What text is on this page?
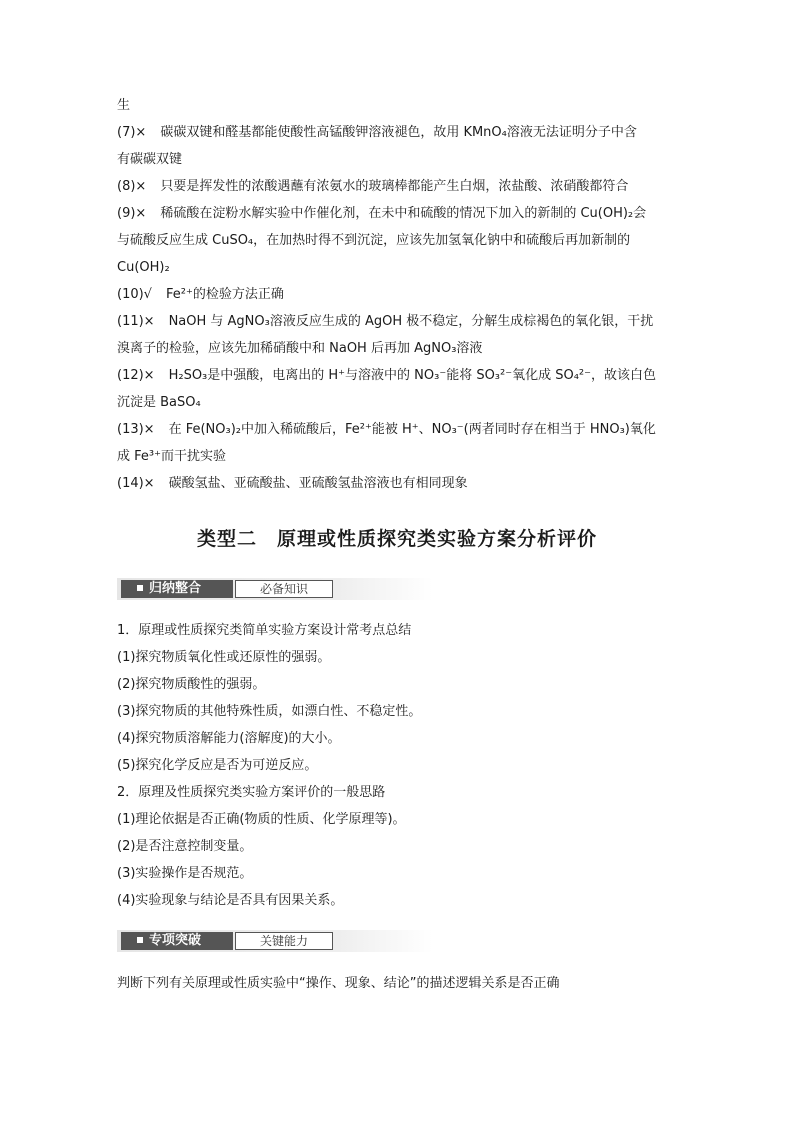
生
(7)× 碳碳双键和醛基都能使酸性高锰酸钾溶液褪色，故用 KMnO₄溶液无法证明分子中含
有碳碳双键
(8)× 只要是挥发性的浓酸遇蘸有浓氨水的玻璃棒都能产生白烟，浓盐酸、浓硝酸都符合
(9)× 稀硫酸在淀粉水解实验中作催化剂，在未中和硫酸的情况下加入的新制的 Cu(OH)₂会
与硫酸反应生成 CuSO₄，在加热时得不到沉淀，应该先加氢氧化钠中和硫酸后再加新制的
Cu(OH)₂
(10)√ Fe²⁺的检验方法正确
(11)× NaOH 与 AgNO₃溶液反应生成的 AgOH 极不稳定，分解生成棕褐色的氧化银，干扰
溴离子的检验，应该先加稀硝酸中和 NaOH 后再加 AgNO₃溶液
(12)× H₂SO₃是中强酸，电离出的 H⁺与溶液中的 NO₃⁻能将 SO₃²⁻氧化成 SO₄²⁻，故该白色
沉淀是 BaSO₄
(13)× 在 Fe(NO₃)₂中加入稀硫酸后，Fe²⁺能被 H⁺、NO₃⁻(两者同时存在相当于 HNO₃)氧化
成 Fe³⁺而干扰实验
(14)× 碳酸氢盐、亚硫酸盐、亚硫酸氢盐溶液也有相同现象
类型二　原理或性质探究类实验方案分析评价
归纳整合	必备知识
1．原理或性质探究类简单实验方案设计常考点总结
(1)探究物质氧化性或还原性的强弱。
(2)探究物质酸性的强弱。
(3)探究物质的其他特殊性质，如漂白性、不稳定性。
(4)探究物质溶解能力(溶解度)的大小。
(5)探究化学反应是否为可逆反应。
2．原理及性质探究类实验方案评价的一般思路
(1)理论依据是否正确(物质的性质、化学原理等)。
(2)是否注意控制变量。
(3)实验操作是否规范。
(4)实验现象与结论是否具有因果关系。
专项突破	关键能力
判断下列有关原理或性质实验中“操作、现象、结论”的描述逻辑关系是否正确
